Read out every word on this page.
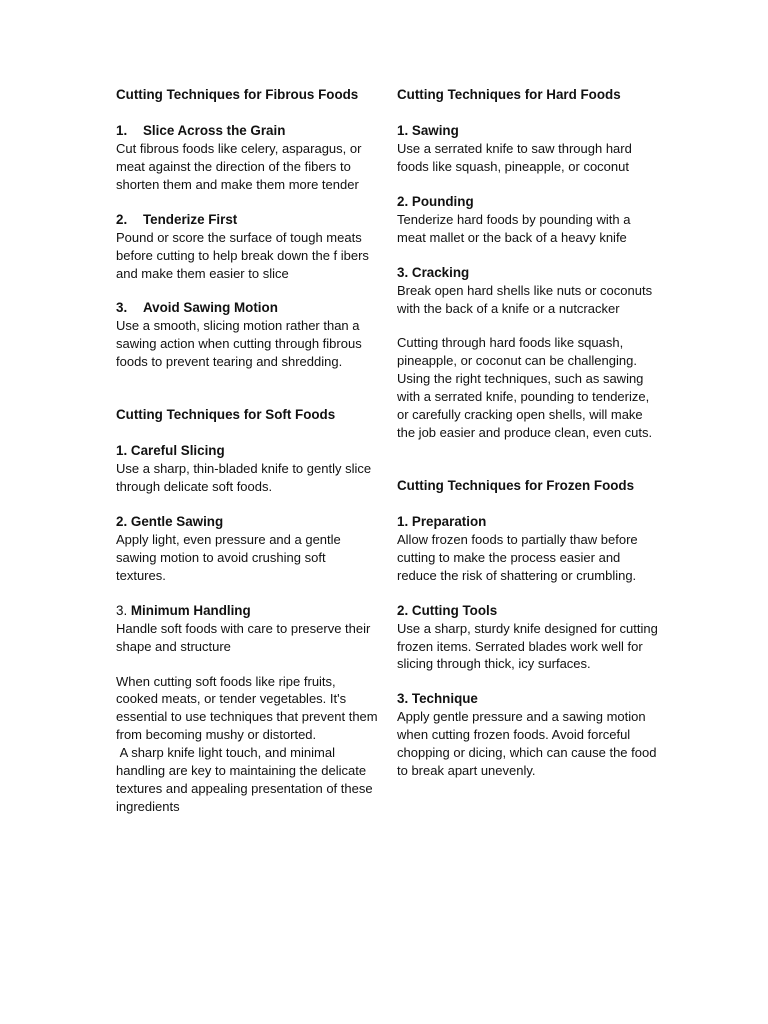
Cutting Techniques for Fibrous Foods
1. Slice Across the Grain

Cut fibrous foods like celery, asparagus, or meat against the direction of the fibers to shorten them and make them more tender

2. Tenderize First

Pound or score the surface of tough meats before cutting to help break down the f ibers and make them easier to slice

3. Avoid Sawing Motion

Use a smooth, slicing motion rather than a sawing action when cutting through fibrous foods to prevent tearing and shredding.

Cutting Techniques for Soft Foods
1. Careful Slicing

Use a sharp, thin-bladed knife to gently slice through delicate soft foods.

2. Gentle Sawing

Apply light, even pressure and a gentle sawing motion to avoid crushing soft textures.

3. Minimum Handling

Handle soft foods with care to preserve their shape and structure

When cutting soft foods like ripe fruits, cooked meats, or tender vegetables. It's essential to use techniques that prevent them from becoming mushy or distorted.

A sharp knife light touch, and minimal handling are key to maintaining the delicate textures and appealing presentation of these ingredients

Cutting Techniques for Hard Foods
1. Sawing

Use a serrated knife to saw through hard foods like squash, pineapple, or coconut

2. Pounding

Tenderize hard foods by pounding with a meat mallet or the back of a heavy knife

3. Cracking

Break open hard shells like nuts or coconuts with the back of a knife or a nutcracker

Cutting through hard foods like squash, pineapple, or coconut can be challenging. Using the right techniques, such as sawing with a serrated knife, pounding to tenderize, or carefully cracking open shells, will make the job easier and produce clean, even cuts.

Cutting Techniques for Frozen Foods
1. Preparation

Allow frozen foods to partially thaw before cutting to make the process easier and reduce the risk of shattering or crumbling.

2. Cutting Tools

Use a sharp, sturdy knife designed for cutting frozen items. Serrated blades work well for slicing through thick, icy surfaces.

3. Technique

Apply gentle pressure and a sawing motion when cutting frozen foods. Avoid forceful chopping or dicing, which can cause the food to break apart unevenly.
